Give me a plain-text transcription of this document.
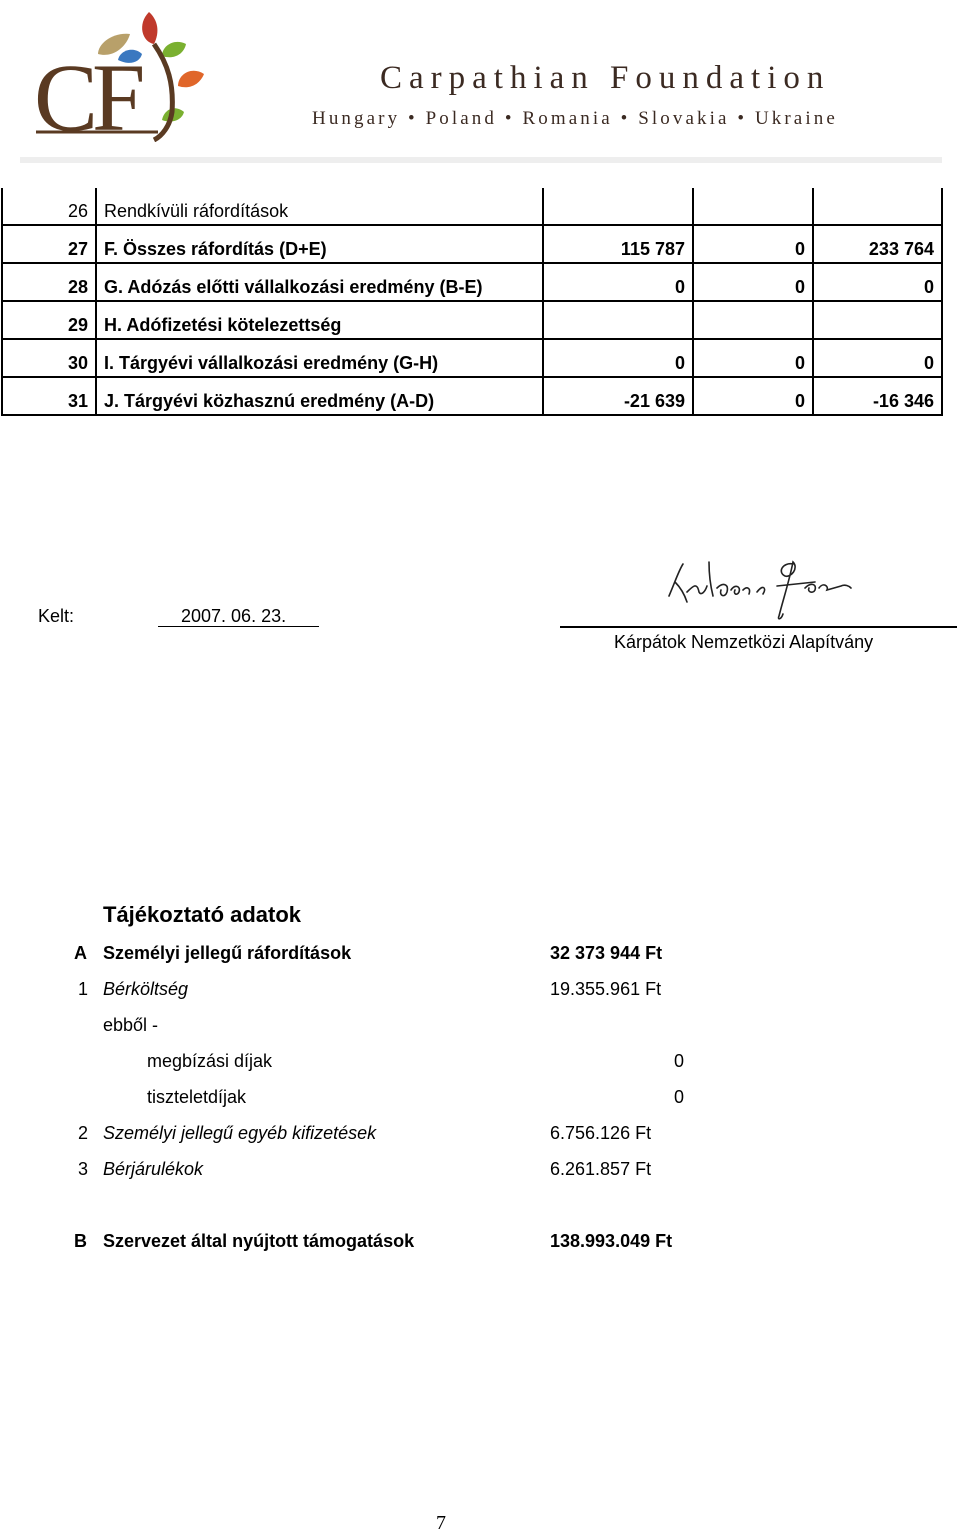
CF	Carpathian Foundation
Hungary • Poland • Romania • Slovakia • Ukraine
26	Rendkívüli ráfordítások			
27	F. Összes ráfordítás (D+E)	115 787	0	233 764
28	G. Adózás előtti vállalkozási eredmény (B-E)	0	0	0
29	H. Adófizetési kötelezettség			
30	I. Tárgyévi vállalkozási eredmény (G-H)	0	0	0
31	J. Tárgyévi közhasznú eredmény (A-D)	-21 639	0	-16 346
Kelt:	2007. 06. 23.
Kárpátok Nemzetközi Alapítvány
Tájékoztató adatok
A Személyi jellegű ráfordítások	32 373 944 Ft
1 Bérköltség	19.355.961 Ft
ebből -
megbízási díjak	0
tiszteletdíjak	0
2 Személyi jellegű egyéb kifizetések	6.756.126 Ft
3 Bérjárulékok	6.261.857 Ft
B Szervezet által nyújtott támogatások	138.993.049 Ft
7
